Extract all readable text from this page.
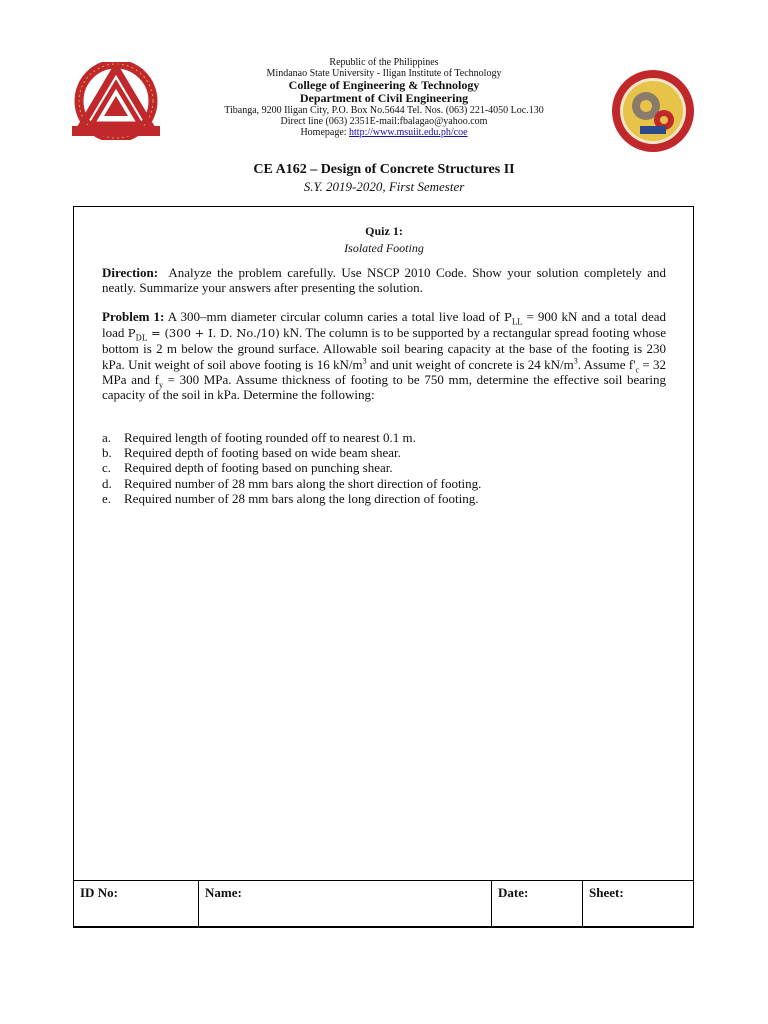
Republic of the Philippines
Mindanao State University - Iligan Institute of Technology
College of Engineering & Technology
Department of Civil Engineering
Tibanga, 9200 Iligan City, P.O. Box No.5644 Tel. Nos. (063) 221-4050 Loc.130
Direct line (063) 2351E-mail:fbalagao@yahoo.com
Homepage: http://www.msuiit.edu.ph/coe
CE A162 – Design of Concrete Structures II
S.Y. 2019-2020, First Semester
Quiz 1:
Isolated Footing
Direction: Analyze the problem carefully. Use NSCP 2010 Code. Show your solution completely and neatly. Summarize your answers after presenting the solution.
Problem 1: A 300–mm diameter circular column caries a total live load of $P_{LL} = 900$ kN and a total dead load $P_{DL} = (300 + I$. D. No./10) kN. The column is to be supported by a rectangular spread footing whose bottom is 2 m below the ground surface. Allowable soil bearing capacity at the base of the footing is 230 kPa. Unit weight of soil above footing is 16 $kN/m^3$ and unit weight of concrete is 24 $kN/m^3$. Assume $f'_c = 32$ MPa and $f_y = 300$ MPa. Assume thickness of footing to be 750 mm, determine the effective soil bearing capacity of the soil in kPa. Determine the following:
a. Required length of footing rounded off to nearest 0.1 m.
b. Required depth of footing based on wide beam shear.
c. Required depth of footing based on punching shear.
d. Required number of 28 mm bars along the short direction of footing.
e. Required number of 28 mm bars along the long direction of footing.
ID No:	Name:	Date:	Sheet:
